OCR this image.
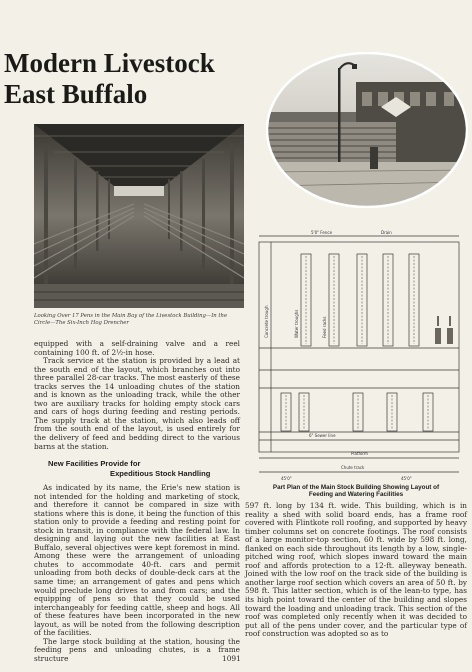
Modern Livestock
East Buffalo
Looking Over 17 Pens in the Main Bay of the Livestock Building—In the
Circle—The Six-Inch Hog Drencher

equipped with a self-draining valve and a reel containing 100 ft. of 2½-in hose.

Track service at the station is provided by a lead at the south end of the layout, which branches out into three parallel 28-car tracks. The most easterly of these tracks serves the 14 unloading chutes of the station and is known as the unloading track, while the other two are auxiliary tracks for holding empty stock cars and cars of hogs during feeding and resting periods. The supply track at the station, which also leads off from the south end of the layout, is used entirely for the delivery of feed and bedding direct to the various barns at the station.

New Facilities Provide for
Expeditious Stock Handling

As indicated by its name, the Erie's new station is not intended for the holding and marketing of stock, and therefore it cannot be compared in size with stations where this is done, it being the function of this station only to provide a feeding and resting point for stock in transit, in compliance with the federal law. In designing and laying out the new facilities at East Buffalo, several objectives were kept foremost in mind. Among these were the arrangement of unloading chutes to accommodate 40-ft. cars and permit unloading from both decks of double-deck cars at the same time; an arrangement of gates and pens which would preclude long drives to and from cars; and the equipping of pens so that they could be used interchangeably for feeding cattle, sheep and hogs. All of these features have been incorporated in the new layout, as will be noted from the following description of the facilities.

The large stock building at the station, housing the feeding pens and unloading chutes, is a frame structure

5'0" Fence	Drain
Water troughs	Feed racks
Concrete trough
6" Sewer line
Platform
Chute track
45'0"	45'0"
Part Plan of the Main Stock Building Showing Layout of
Feeding and Watering Facilities

597 ft. long by 134 ft. wide. This building, which is in reality a shed with solid board ends, has a frame roof covered with Flintkote roll roofing, and supported by heavy timber columns set on concrete footings. The roof consists of a large monitor-top section, 60 ft. wide by 598 ft. long, flanked on each side throughout its length by a low, single-pitched wing roof, which slopes inward toward the main roof and affords protection to a 12-ft. alleyway beneath. Joined with the low roof on the track side of the building is another large roof section which covers an area of 50 ft. by 598 ft. This latter section, which is of the lean-to type, has its high point toward the center of the building and slopes toward the loading and unloading track. This section of the roof was completed only recently when it was decided to put all of the pens under cover, and the particular type of roof construction was adopted so as to

1091
